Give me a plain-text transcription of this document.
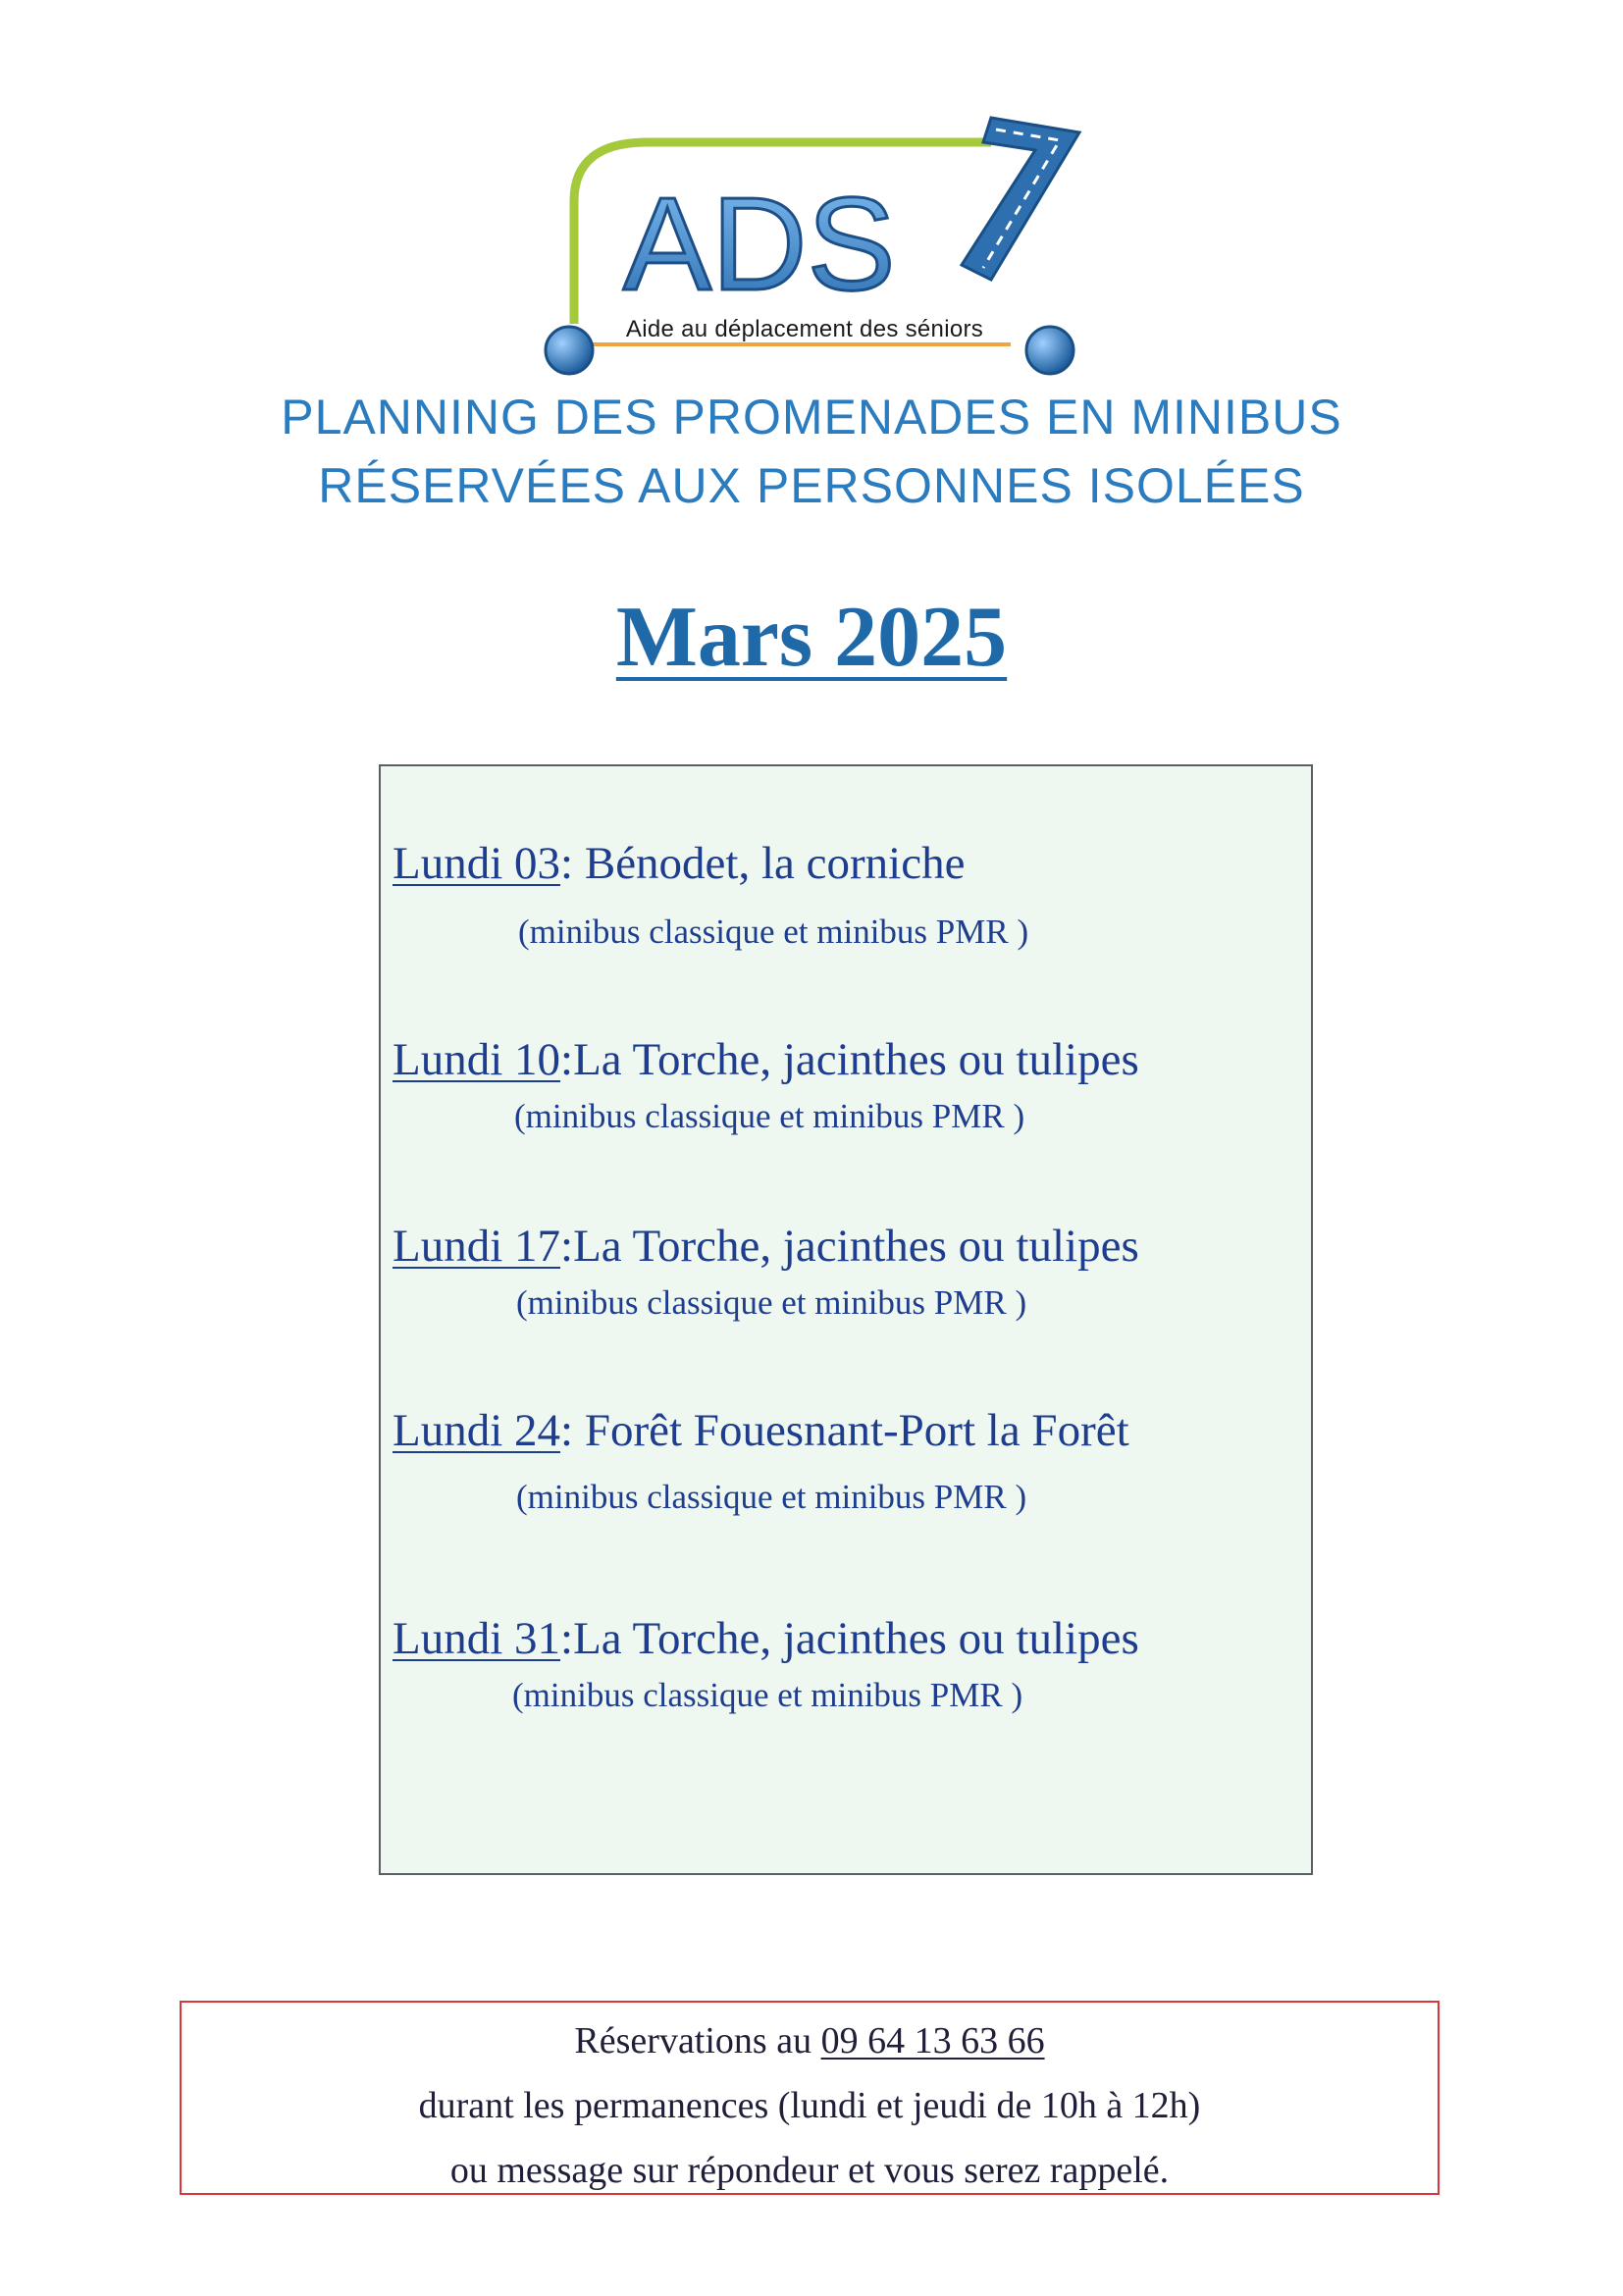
ADS
Aide au déplacement des séniors
PLANNING DES PROMENADES EN MINIBUS
RÉSERVÉES AUX PERSONNES ISOLÉES
Mars 2025
Lundi 03: Bénodet, la corniche
(minibus classique et minibus PMR )
Lundi 10:La Torche, jacinthes ou tulipes
(minibus classique et minibus PMR )
Lundi 17:La Torche, jacinthes ou tulipes
(minibus classique et minibus PMR )
Lundi 24: Forêt Fouesnant-Port la Forêt
(minibus classique et minibus PMR )
Lundi 31:La Torche, jacinthes ou tulipes
(minibus classique et minibus PMR )
Réservations au 09 64 13 63 66
durant les permanences (lundi et jeudi de 10h à 12h)
ou message sur répondeur et vous serez rappelé.
